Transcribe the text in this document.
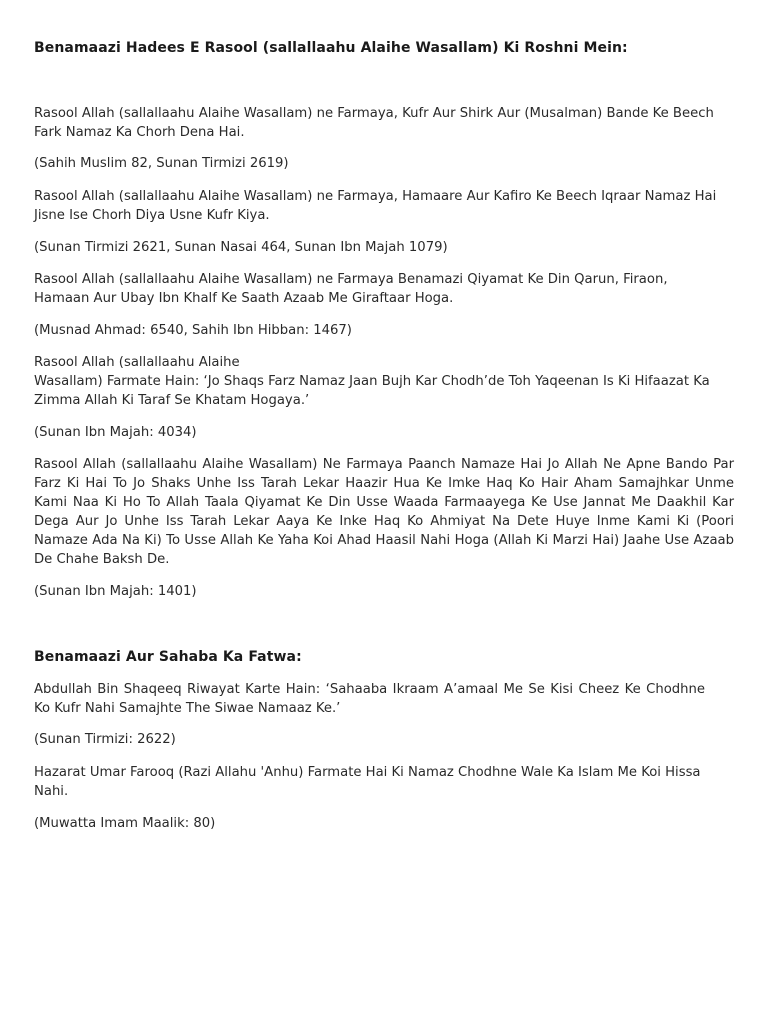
Benamaazi Hadees E Rasool (sallallaahu Alaihe Wasallam) Ki Roshni Mein:

Rasool Allah (sallallaahu Alaihe Wasallam) ne Farmaya, Kufr Aur Shirk Aur (Musalman) Bande Ke Beech Fark Namaz Ka Chorh Dena Hai.

(Sahih Muslim 82, Sunan Tirmizi 2619)

Rasool Allah (sallallaahu Alaihe Wasallam) ne Farmaya, Hamaare Aur Kafiro Ke Beech Iqraar Namaz Hai Jisne Ise Chorh Diya Usne Kufr Kiya.

(Sunan Tirmizi 2621, Sunan Nasai 464, Sunan Ibn Majah 1079)

Rasool Allah (sallallaahu Alaihe Wasallam) ne Farmaya Benamazi Qiyamat Ke Din Qarun, Firaon, Hamaan Aur Ubay Ibn Khalf Ke Saath Azaab Me Giraftaar Hoga.

(Musnad Ahmad: 6540, Sahih Ibn Hibban: 1467)

Rasool Allah (sallallaahu Alaihe

Wasallam) Farmate Hain: ‘Jo Shaqs Farz Namaz Jaan Bujh Kar Chodh’de Toh Yaqeenan Is Ki Hifaazat Ka Zimma Allah Ki Taraf Se Khatam Hogaya.’

(Sunan Ibn Majah: 4034)

Rasool Allah (sallallaahu Alaihe Wasallam) Ne Farmaya Paanch Namaze Hai Jo Allah Ne Apne Bando Par Farz Ki Hai To Jo Shaks Unhe Iss Tarah Lekar Haazir Hua Ke Imke Haq Ko Hair Aham Samajhkar Unme Kami Naa Ki Ho To Allah Taala Qiyamat Ke Din Usse Waada Farmaayega Ke Use Jannat Me Daakhil Kar Dega Aur Jo Unhe Iss Tarah Lekar Aaya Ke Inke Haq Ko Ahmiyat Na Dete Huye Inme Kami Ki (Poori Namaze Ada Na Ki) To Usse Allah Ke Yaha Koi Ahad Haasil Nahi Hoga (Allah Ki Marzi Hai) Jaahe Use Azaab De Chahe Baksh De.

(Sunan Ibn Majah: 1401)

Benamaazi Aur Sahaba Ka Fatwa:

Abdullah Bin Shaqeeq Riwayat Karte Hain: ‘Sahaaba Ikraam A’amaal Me Se Kisi Cheez Ke Chodhne Ko Kufr Nahi Samajhte The Siwae Namaaz Ke.’

(Sunan Tirmizi: 2622)

Hazarat Umar Farooq (Razi Allahu 'Anhu) Farmate Hai Ki Namaz Chodhne Wale Ka Islam Me Koi Hissa Nahi.

(Muwatta Imam Maalik: 80)
